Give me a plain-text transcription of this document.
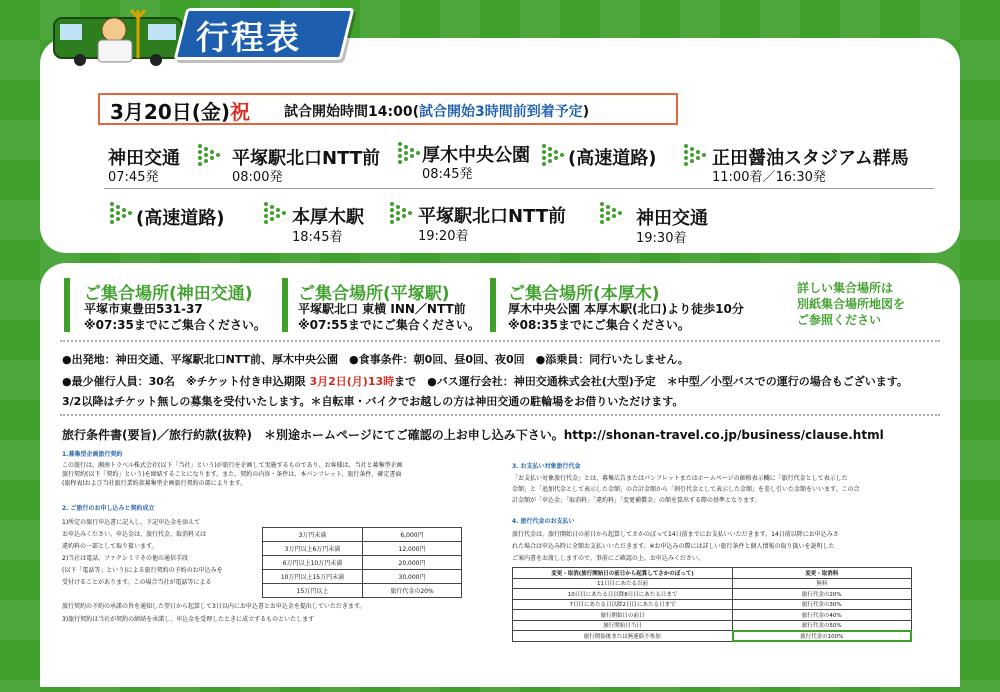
行程表
3月20日(金)祝 試合開始時間14:00(試合開始3時間前到着予定)
神田交通
07:45発
平塚駅北口NTT前
08:00発
厚木中央公園
08:45発
(高速道路)	正田醤油スタジアム群馬
11:00着／16:30発
(高速道路)	本厚木駅
18:45着
平塚駅北口NTT前
19:20着
神田交通
19:30着
ご集合場所(神田交通)
平塚市東豊田531-37
※07:35までにご集合ください。
ご集合場所(平塚駅)
平塚駅北口 東横 INN／NTT前
※07:55までにご集合ください。
ご集合場所(本厚木)
厚木中央公園 本厚木駅(北口)より徒歩10分
※08:35までにご集合ください。
詳しい集合場所は
別紙集合場所地図を
ご参照ください
●出発地：神田交通、平塚駅北口NTT前、厚木中央公園　●食事条件：朝0回、昼0回、夜0回　●添乗員：同行いたしません。
●最少催行人員：30名　※チケット付き申込期限 3月2日(月)13時まで　●バス運行会社：神田交通株式会社(大型)予定　＊中型／小型バスでの運行の場合もございます。
3/2以降はチケット無しの募集を受付いたします。＊自転車・バイクでお越しの方は神田交通の駐輪場をお借りいただけます。
旅行条件書(要旨)／旅行約款(抜粋)　＊別途ホームページにてご確認の上お申し込み下さい。http://shonan-travel.co.jp/business/clause.html
1.募集型企画旅行契約
この旅行は、湘南トラベル株式会社(以下「当社」という)が旅行を企画して実施するものであり、お客様は、当社と募集型企画
旅行契約(以下「契約」という)を締結することになります。また、契約の内容・条件は、本パンフレット、旅行条件、確定書面
(旅程表)および当社旅行業約款募集型企画旅行契約の部によります。
2. ご旅行のお申し込みと契約成立
1)所定の旅行申込書に記入し、下記申込金を添えて
お申込みください。申込金は、旅行代金、取消料又は
違約料の一部として取り扱います。
2)当社は電話、ファクシミリその他の通信手段
(以下「電話等」という)による旅行契約の予約のお申込みを
受付けることがあります。この場合当社が電話等による
旅行契約の予約の承諾の旨を通知した翌日から起算して3日以内にお申込書とお申込金を提出していただきます。
3)旅行契約は当社が契約の締結を承諾し、申込金を受理したときに成立するものといたします
3万円未満	6,000円
3万円以上6万円未満	12,000円
6万円以上10万円未満	20,000円
10万円以上15万円未満	30,000円
15万円以上	旅行代金の20%
3. お支払い対象旅行代金
「お支払い対象旅行代金」とは、募集広告またはパンフレットまたはホームページの価格表示欄に「旅行代金として表示した
金額」と「追加代金として表示した金額」の合計金額から「割引代金として表示した金額」を差し引いた金額をいいます。この合
計金額が「申込金」「取消料」「違約料」「変更補償金」の額を算出する際の基準となります。
4. 旅行代金のお支払い
旅行代金は、旅行開始日の前日から起算してさかのぼって14日前までにお支払いいただきます。14日前以降にお申込みさ
れた場合は申込み時に全額お支払いいただきます。※お申込みの際には詳しい旅行条件と個人情報の取り扱いを説明した
ご案内書をお渡ししますので、事前にご確認の上、お申込みください。
変更・取消(旅行開始日の前日から起算してさかのぼって)	変更・取消料
11日目にあたる以前	無料
10日目にあたる日以降8日目にあたる日まで	旅行代金の20%
7日目にあたる日以降2日目にあたる日まで	旅行代金の30%
旅行開始日の前日	旅行代金の40%
旅行開始日当日	旅行代金の50%
旅行開始後または無連絡不参加	旅行代金の100%
